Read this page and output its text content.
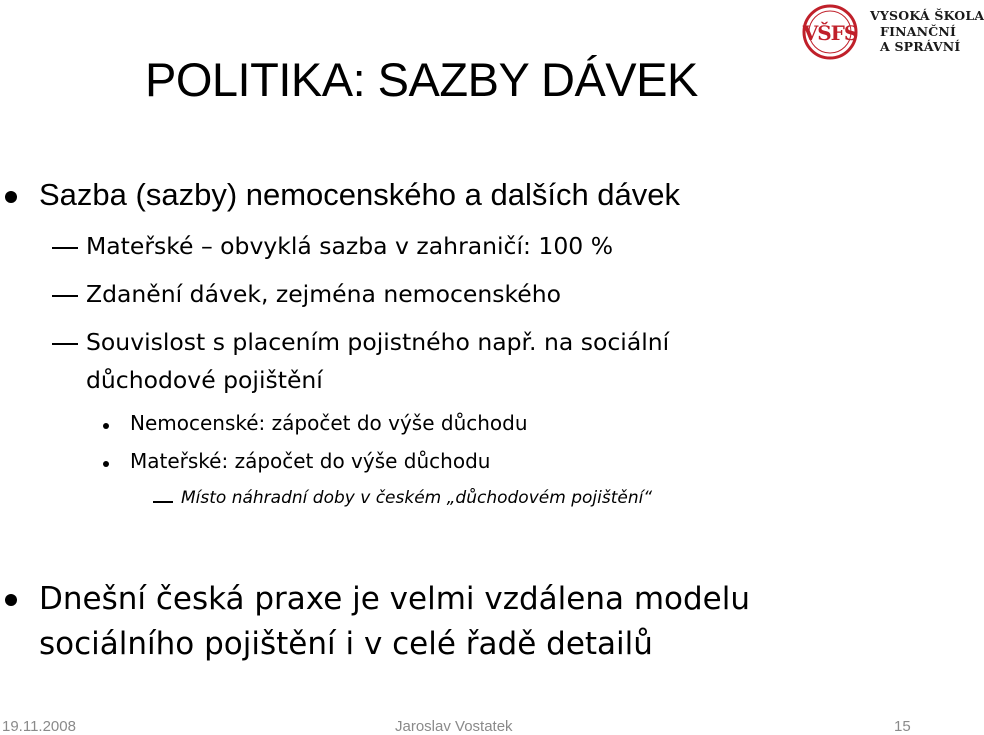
POLITIKA: SAZBY DÁVEK
VŠFS
VYSOKÁ ŠKOLA
FINANČNÍ
A SPRÁVNÍ
Sazba (sazby) nemocenského a dalších dávek
Mateřské – obvyklá sazba v zahraničí: 100 %
Zdanění dávek, zejména nemocenského
Souvislost s placením pojistného např. na sociální
důchodové pojištění
Nemocenské: zápočet do výše důchodu
Mateřské: zápočet do výše důchodu
Místo náhradní doby v českém „důchodovém pojištění“
Dnešní česká praxe je velmi vzdálena modelu
sociálního pojištění i v celé řadě detailů
19.11.2008	Jaroslav Vostatek	15
